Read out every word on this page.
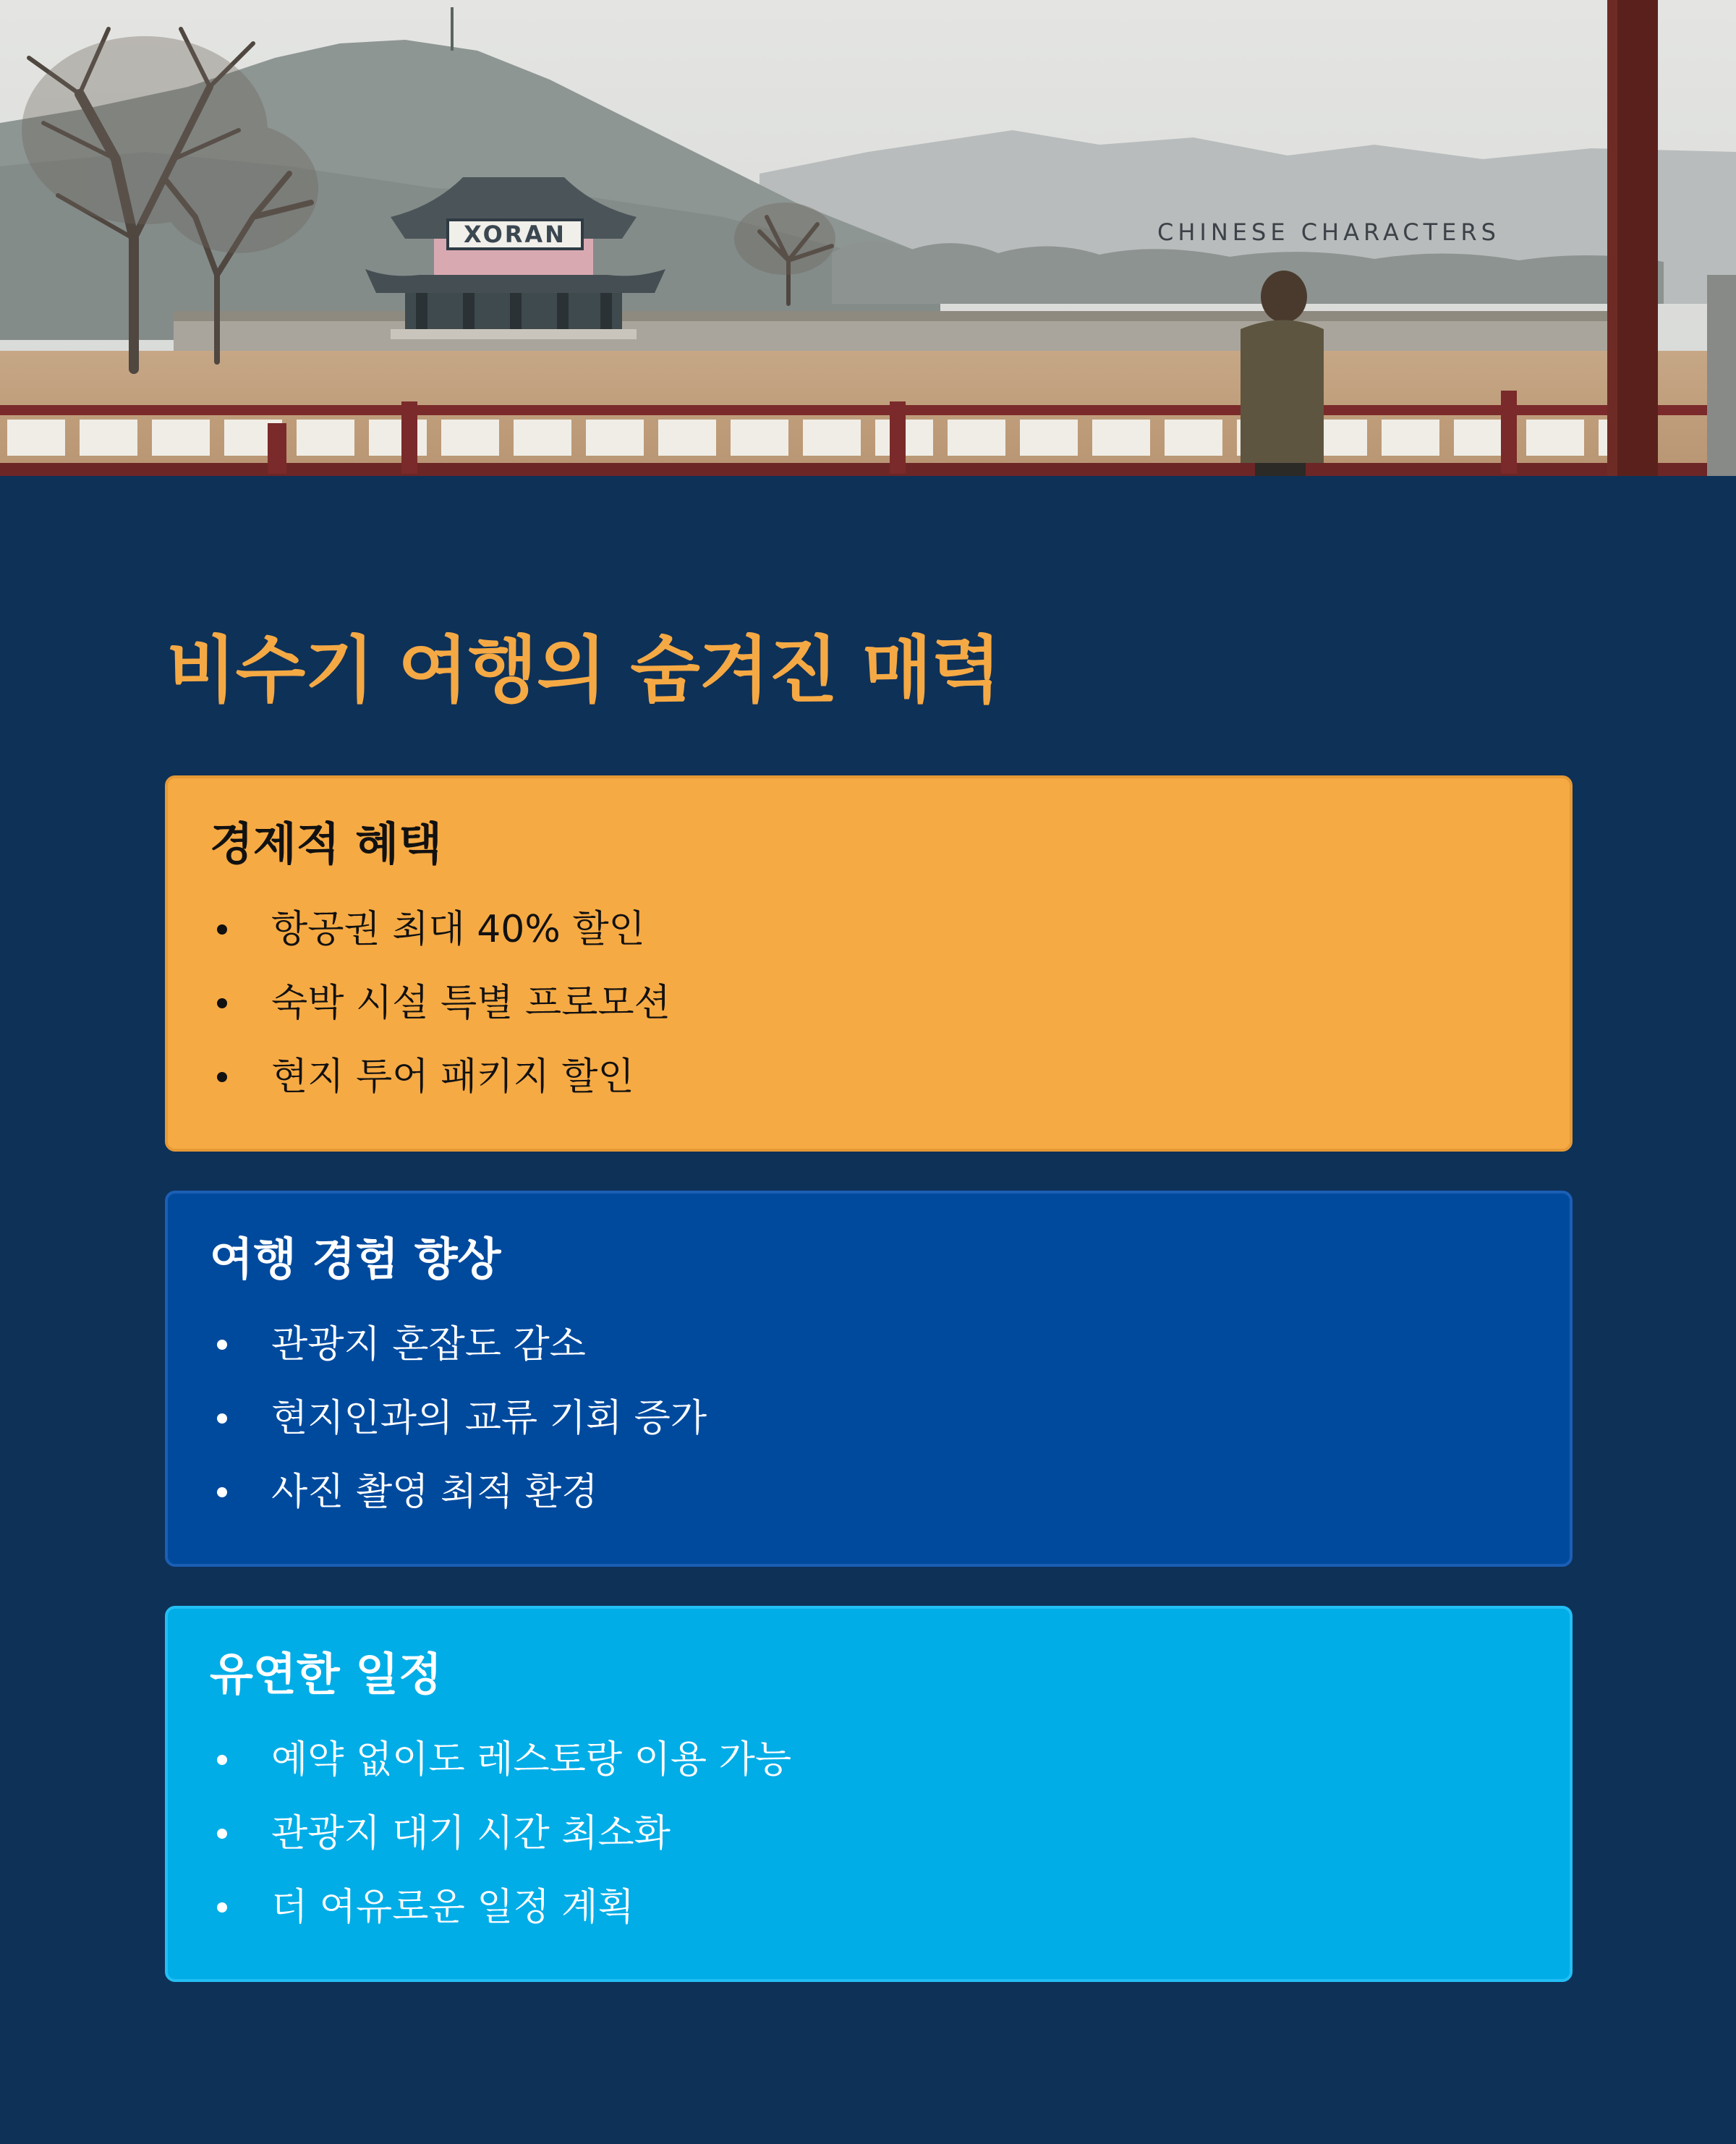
XORAN	CHINESE CHARACTERS
비수기 여행의 숨겨진 매력
경제적 혜택
항공권 최대 40% 할인
숙박 시설 특별 프로모션
현지 투어 패키지 할인
여행 경험 향상
관광지 혼잡도 감소
현지인과의 교류 기회 증가
사진 촬영 최적 환경
유연한 일정
예약 없이도 레스토랑 이용 가능
관광지 대기 시간 최소화
더 여유로운 일정 계획
